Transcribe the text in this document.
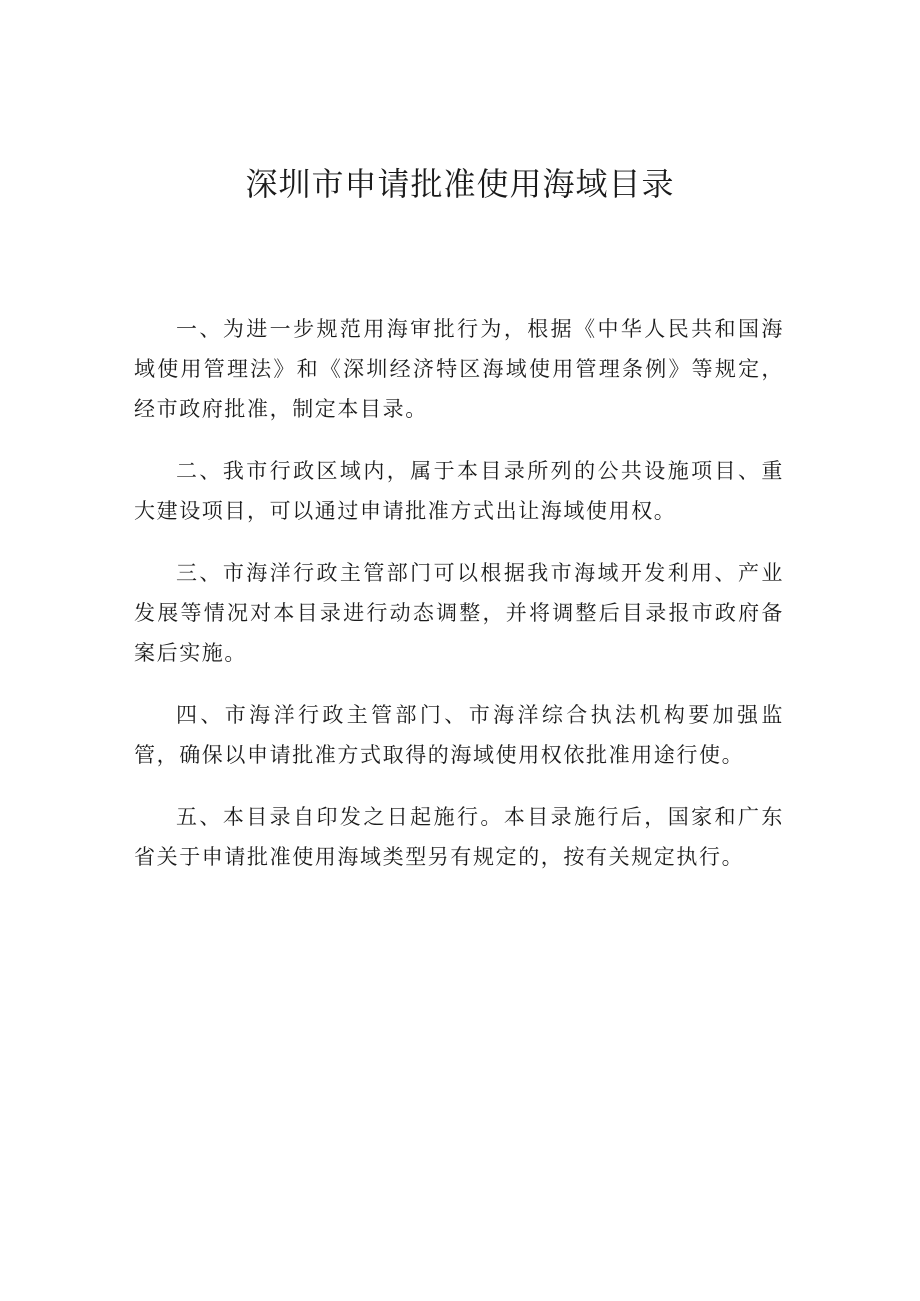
深圳市申请批准使用海域目录

一、为进一步规范用海审批行为，根据《中华人民共和国海域使用管理法》和《深圳经济特区海域使用管理条例》等规定，经市政府批准，制定本目录。

二、我市行政区域内，属于本目录所列的公共设施项目、重大建设项目，可以通过申请批准方式出让海域使用权。

三、市海洋行政主管部门可以根据我市海域开发利用、产业发展等情况对本目录进行动态调整，并将调整后目录报市政府备案后实施。

四、市海洋行政主管部门、市海洋综合执法机构要加强监管，确保以申请批准方式取得的海域使用权依批准用途行使。

五、本目录自印发之日起施行。本目录施行后，国家和广东省关于申请批准使用海域类型另有规定的，按有关规定执行。
